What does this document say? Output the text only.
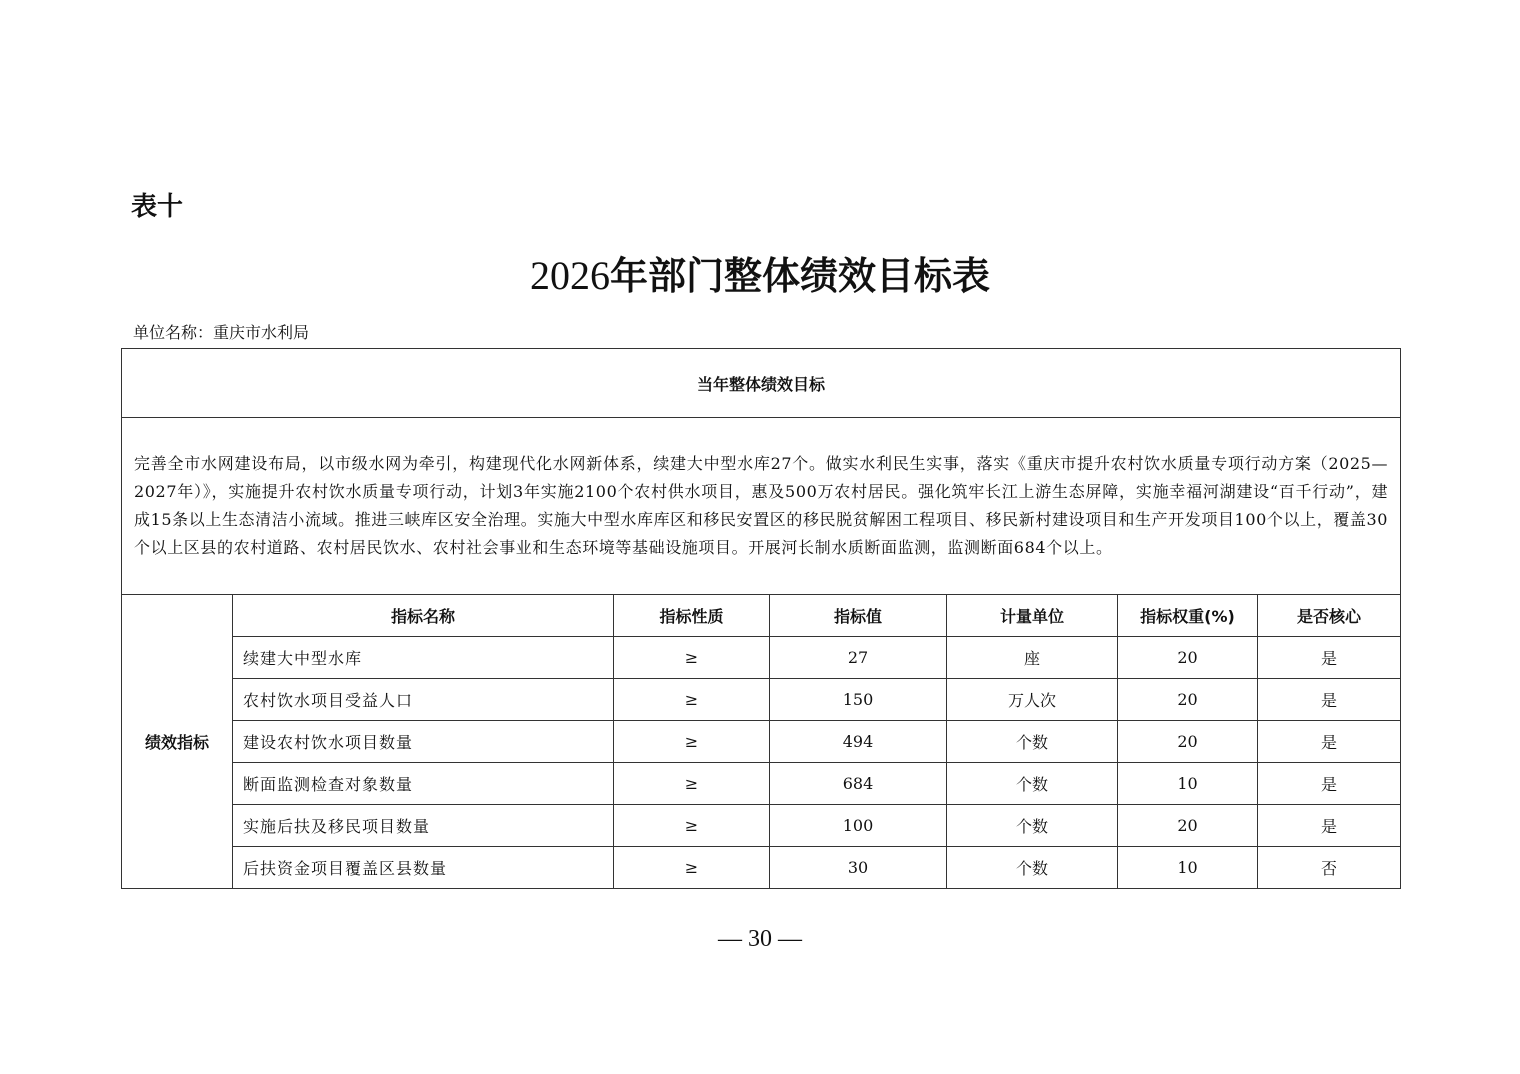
表十
2026年部门整体绩效目标表
单位名称：重庆市水利局
当年整体绩效目标						
完善全市水网建设布局，以市级水网为牵引，构建现代化水网新体系，续建大中型水库27个。做实水利民生实事，落实《重庆市提升农村饮水质量专项行动方案（2025—2027年）》，实施提升农村饮水质量专项行动，计划3年实施2100个农村供水项目，惠及500万农村居民。强化筑牢长江上游生态屏障，实施幸福河湖建设“百千行动”，建成15条以上生态清洁小流域。推进三峡库区安全治理。实施大中型水库库区和移民安置区的移民脱贫解困工程项目、移民新村建设项目和生产开发项目100个以上，覆盖30个以上区县的农村道路、农村居民饮水、农村社会事业和生态环境等基础设施项目。开展河长制水质断面监测，监测断面684个以上。						
绩效指标	指标名称	指标性质	指标值	计量单位	指标权重(%)	是否核心
	续建大中型水库	≥	27	座	20	是
	农村饮水项目受益人口	≥	150	万人次	20	是
	建设农村饮水项目数量	≥	494	个数	20	是
	断面监测检查对象数量	≥	684	个数	10	是
	实施后扶及移民项目数量	≥	100	个数	20	是
	后扶资金项目覆盖区县数量	≥	30	个数	10	否
— 30 —
